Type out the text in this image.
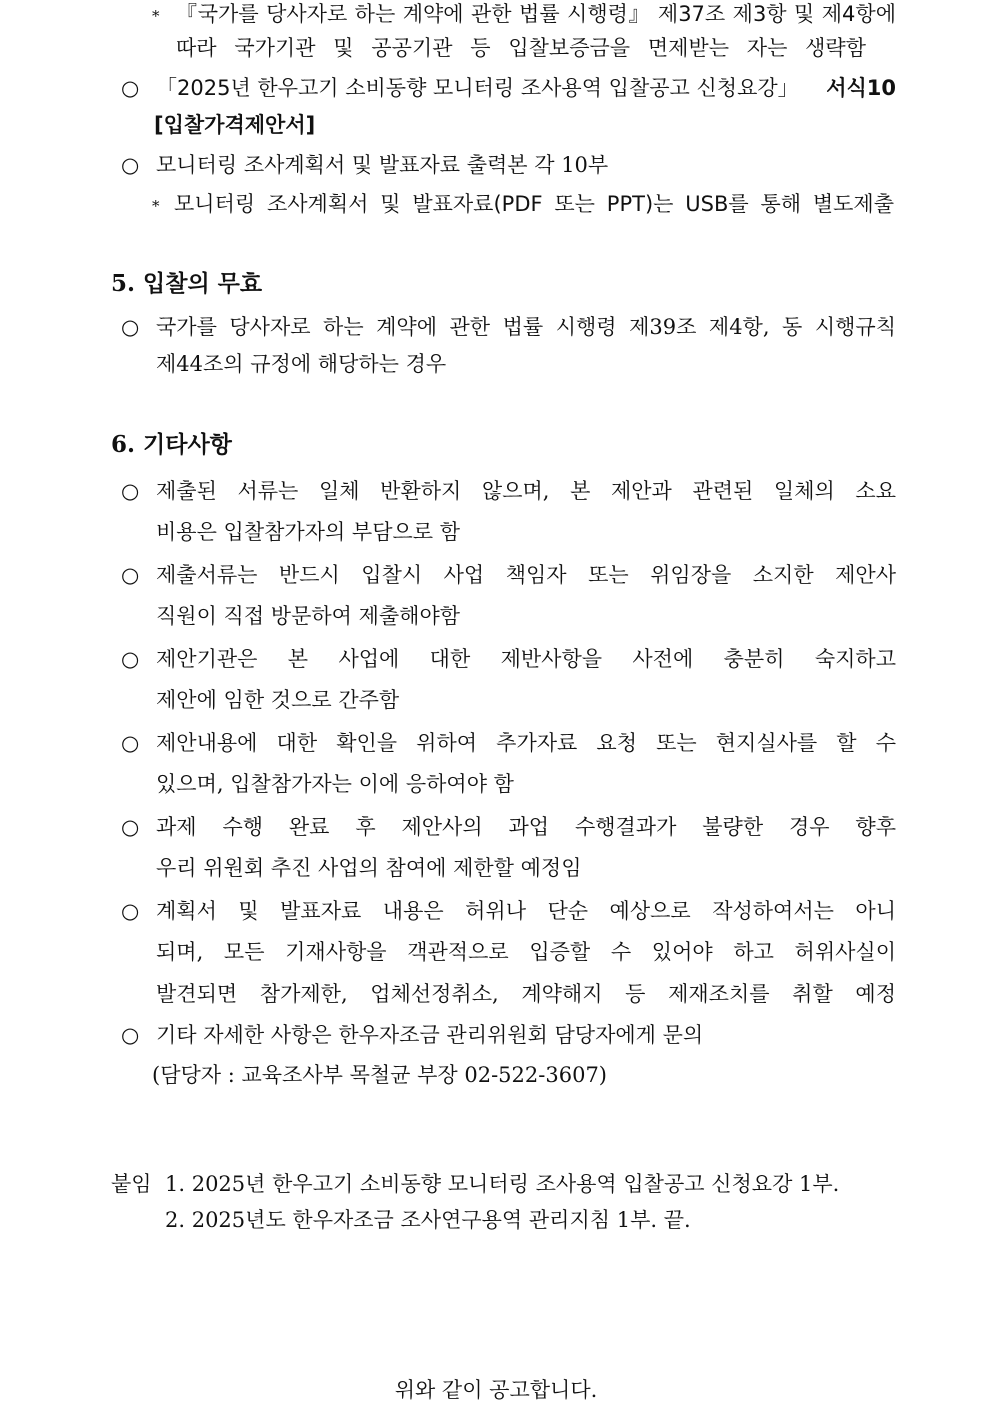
* 『국가를 당사자로 하는 계약에 관한 법률 시행령』 제37조 제3항 및 제4항에
따라 국가기관 및 공공기관 등 입찰보증금을 면제받는 자는 생략함
○ 「2025년 한우고기 소비동향 모니터링 조사용역 입찰공고 신청요강」 서식10
[입찰가격제안서]
○ 모니터링 조사계획서 및 발표자료 출력본 각 10부
* 모니터링 조사계획서 및 발표자료(PDF 또는 PPT)는 USB를 통해 별도제출
5. 입찰의 무효
○ 국가를 당사자로 하는 계약에 관한 법률 시행령 제39조 제4항, 동 시행규칙
제44조의 규정에 해당하는 경우
6. 기타사항
○ 제출된 서류는 일체 반환하지 않으며, 본 제안과 관련된 일체의 소요
비용은 입찰참가자의 부담으로 함
○ 제출서류는 반드시 입찰시 사업 책임자 또는 위임장을 소지한 제안사
직원이 직접 방문하여 제출해야함
○ 제안기관은 본 사업에 대한 제반사항을 사전에 충분히 숙지하고
제안에 임한 것으로 간주함
○ 제안내용에 대한 확인을 위하여 추가자료 요청 또는 현지실사를 할 수
있으며, 입찰참가자는 이에 응하여야 함
○ 과제 수행 완료 후 제안사의 과업 수행결과가 불량한 경우 향후
우리 위원회 추진 사업의 참여에 제한할 예정임
○ 계획서 및 발표자료 내용은 허위나 단순 예상으로 작성하여서는 아니
되며, 모든 기재사항을 객관적으로 입증할 수 있어야 하고 허위사실이
발견되면 참가제한, 업체선정취소, 계약해지 등 제재조치를 취할 예정
○ 기타 자세한 사항은 한우자조금 관리위원회 담당자에게 문의
(담당자 : 교육조사부 목철균 부장 02-522-3607)
붙임 1. 2025년 한우고기 소비동향 모니터링 조사용역 입찰공고 신청요강 1부.
2. 2025년도 한우자조금 조사연구용역 관리지침 1부. 끝.
위와 같이 공고합니다.
